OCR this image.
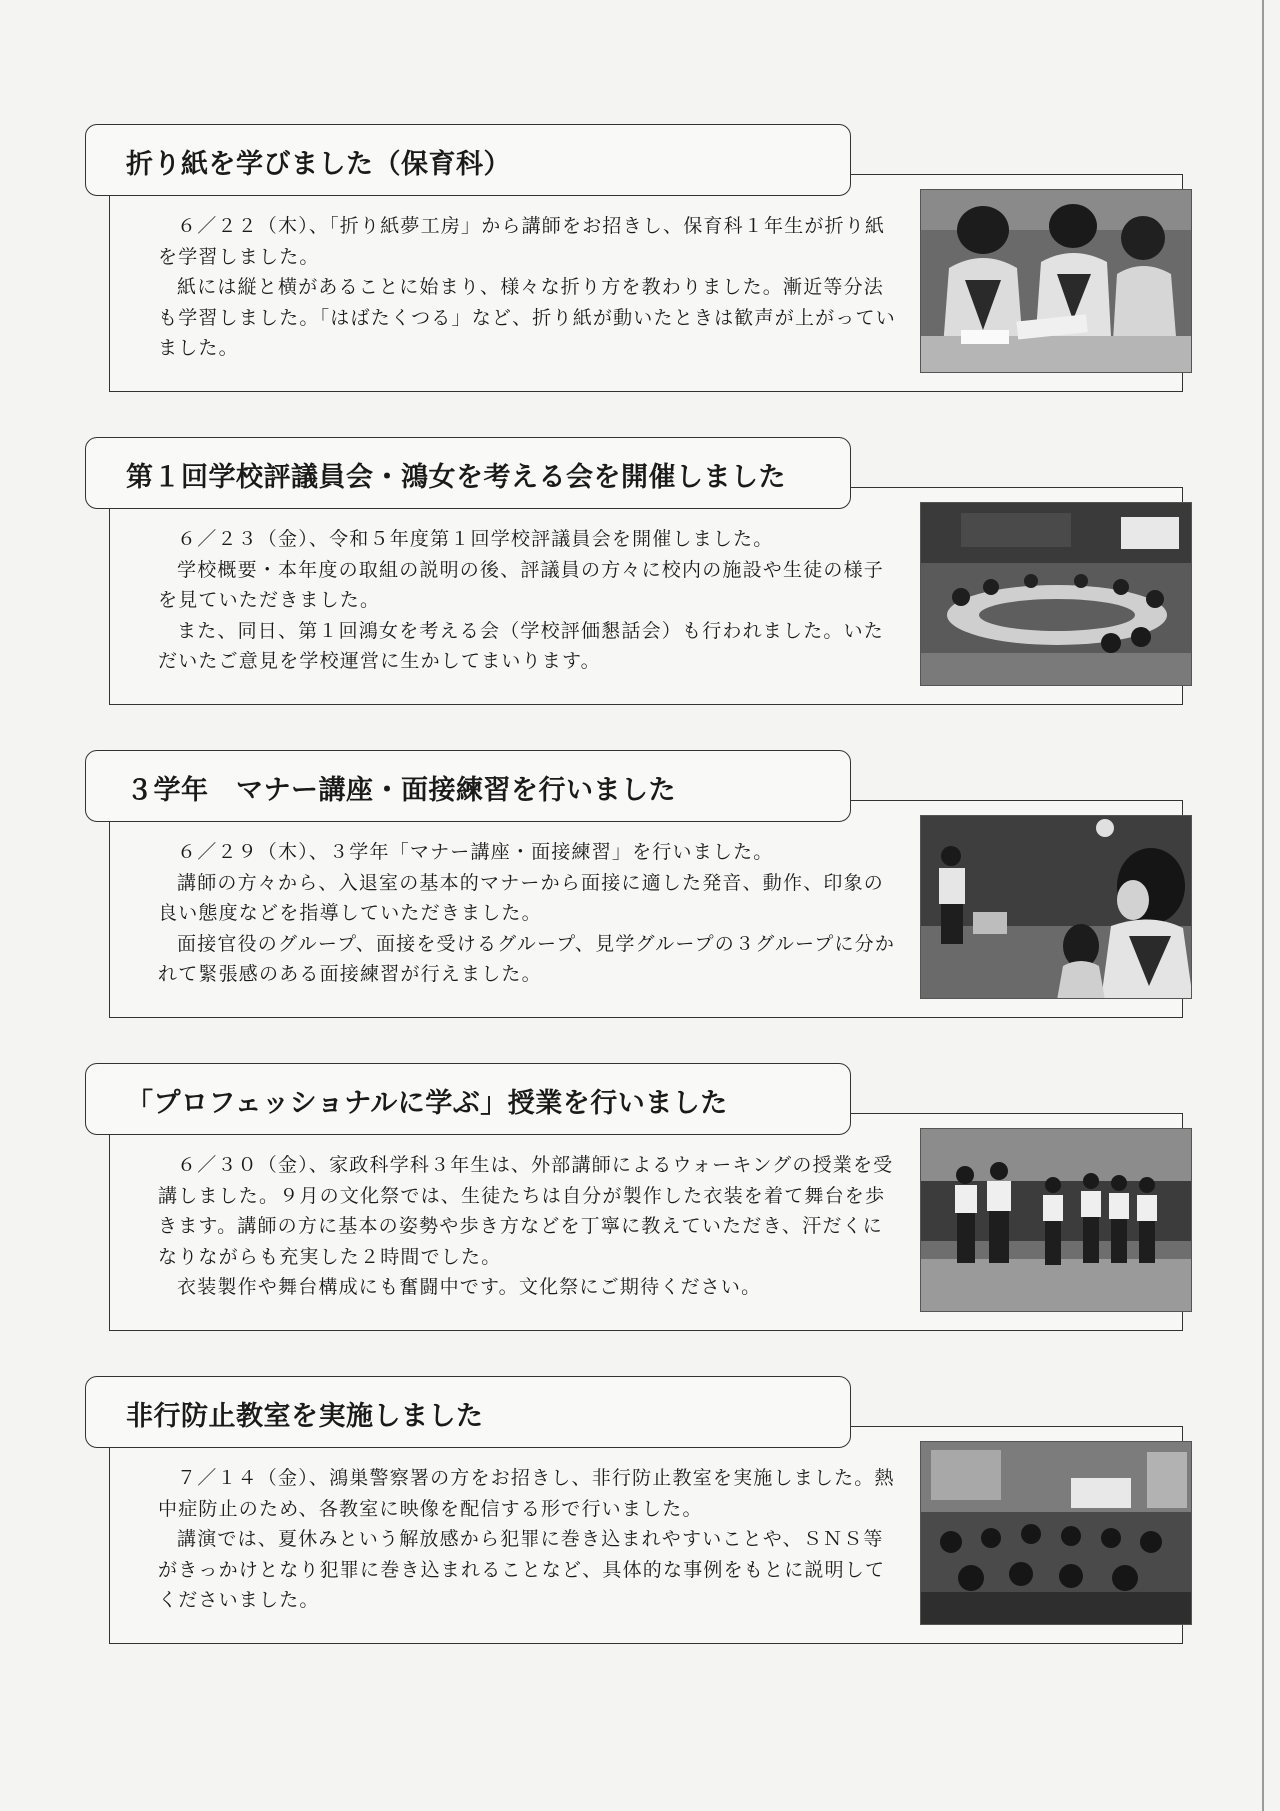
折り紙を学びました（保育科）

６／２２（木）、「折り紙夢工房」から講師をお招きし、保育科１年生が折り紙を学習しました。

紙には縦と横があることに始まり、様々な折り方を教わりました。漸近等分法も学習しました。「はばたくつる」など、折り紙が動いたときは歓声が上がっていました。

第１回学校評議員会・鴻女を考える会を開催しました

６／２３（金）、令和５年度第１回学校評議員会を開催しました。

学校概要・本年度の取組の説明の後、評議員の方々に校内の施設や生徒の様子を見ていただきました。

また、同日、第１回鴻女を考える会（学校評価懇話会）も行われました。いただいたご意見を学校運営に生かしてまいります。

３学年　マナー講座・面接練習を行いました

６／２９（木）、３学年「マナー講座・面接練習」を行いました。

講師の方々から、入退室の基本的マナーから面接に適した発音、動作、印象の良い態度などを指導していただきました。

面接官役のグループ、面接を受けるグループ、見学グループの３グループに分かれて緊張感のある面接練習が行えました。

「プロフェッショナルに学ぶ」授業を行いました

６／３０（金）、家政科学科３年生は、外部講師によるウォーキングの授業を受講しました。９月の文化祭では、生徒たちは自分が製作した衣装を着て舞台を歩きます。講師の方に基本の姿勢や歩き方などを丁寧に教えていただき、汗だくになりながらも充実した２時間でした。

衣装製作や舞台構成にも奮闘中です。文化祭にご期待ください。

非行防止教室を実施しました

７／１４（金）、鴻巣警察署の方をお招きし、非行防止教室を実施しました。熱中症防止のため、各教室に映像を配信する形で行いました。

講演では、夏休みという解放感から犯罪に巻き込まれやすいことや、ＳＮＳ等がきっかけとなり犯罪に巻き込まれることなど、具体的な事例をもとに説明してくださいました。
